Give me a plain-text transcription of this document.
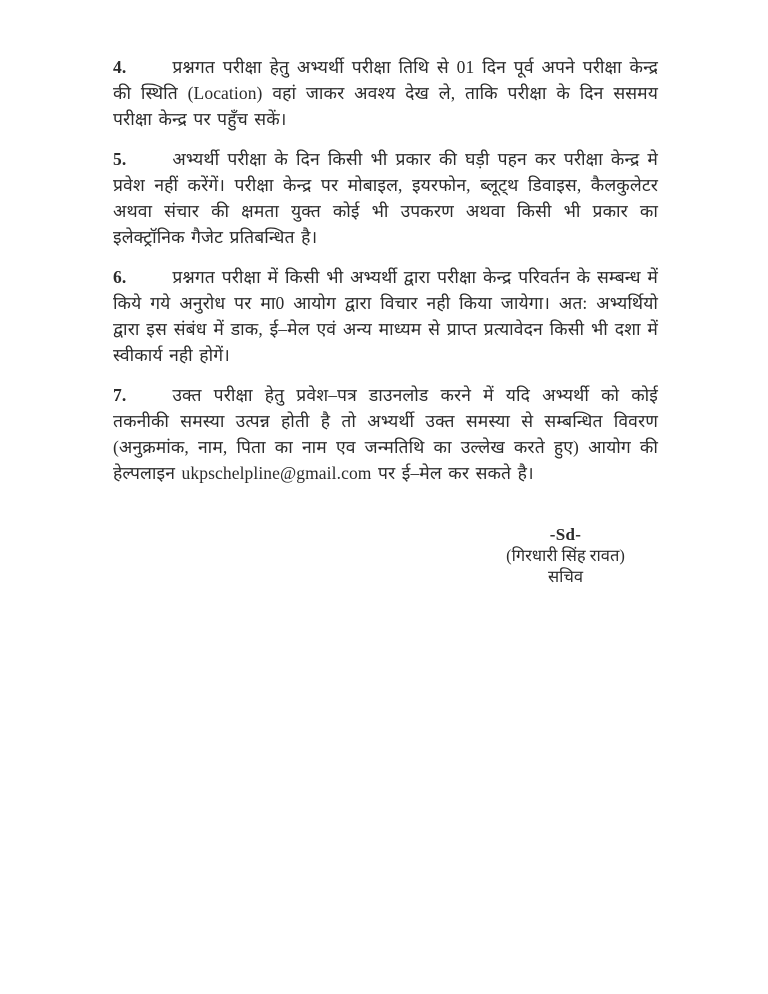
4.	प्रश्नगत परीक्षा हेतु अभ्यर्थी परीक्षा तिथि से 01 दिन पूर्व अपने परीक्षा केन्द्र की स्थिति (Location) वहां जाकर अवश्य देख ले, ताकि परीक्षा के दिन ससमय परीक्षा केन्द्र पर पहुँच सकें।

5.	अभ्यर्थी परीक्षा के दिन किसी भी प्रकार की घड़ी पहन कर परीक्षा केन्द्र मे प्रवेश नहीं करेंगें। परीक्षा केन्द्र पर मोबाइल, इयरफोन, ब्लूट्थ डिवाइस, कैलकुलेटर अथवा संचार की क्षमता युक्त कोई भी उपकरण अथवा किसी भी प्रकार का इलेक्ट्रॉनिक गैजेट प्रतिबन्धित है।

6.	प्रश्नगत परीक्षा में किसी भी अभ्यर्थी द्वारा परीक्षा केन्द्र परिवर्तन के सम्बन्ध में किये गये अनुरोध पर मा0 आयोग द्वारा विचार नही किया जायेगा। अत: अभ्यर्थियो द्वारा इस संबंध में डाक, ई–मेल एवं अन्य माध्यम से प्राप्त प्रत्यावेदन किसी भी दशा में स्वीकार्य नही होगें।

7.	उक्त परीक्षा हेतु प्रवेश–पत्र डाउनलोड करने में यदि अभ्यर्थी को कोई तकनीकी समस्या उत्पन्न होती है तो अभ्यर्थी उक्त समस्या से सम्बन्धित विवरण (अनुक्रमांक, नाम, पिता का नाम एव जन्मतिथि का उल्लेख करते हुए) आयोग की हेल्पलाइन ukpschelpline@gmail.com पर ई–मेल कर सकते है।

-Sd-
(गिरधारी सिंह रावत)
सचिव
